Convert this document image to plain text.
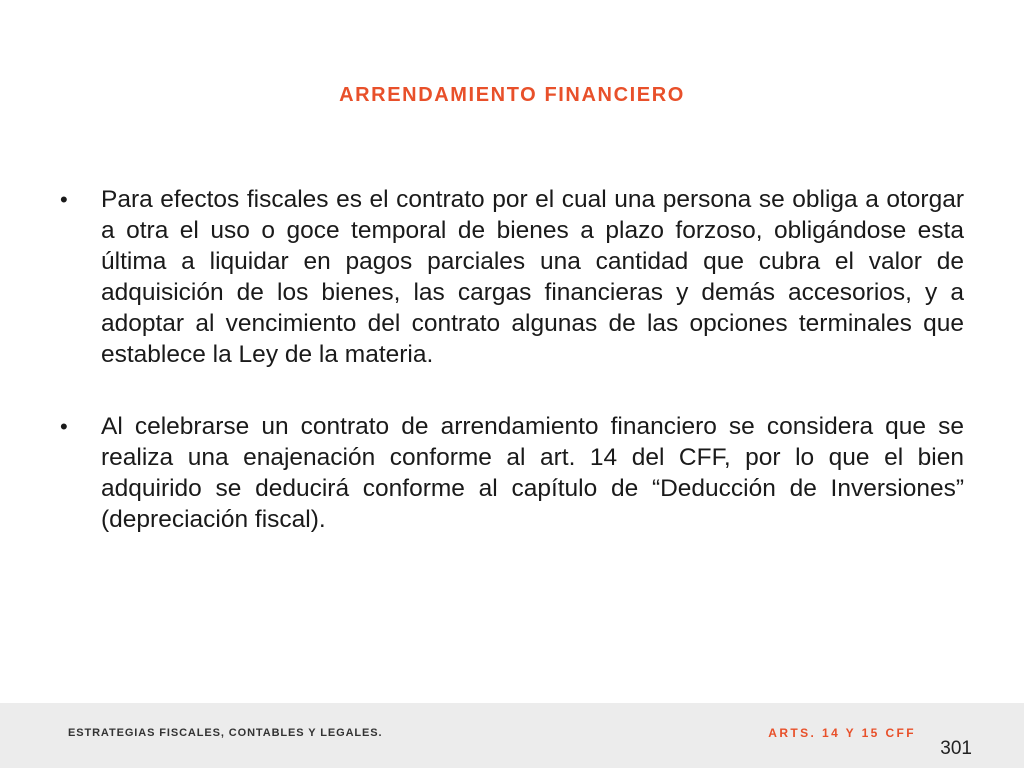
ARRENDAMIENTO FINANCIERO
• Para efectos fiscales es el contrato por el cual una persona se obliga a otorgar a otra el uso o goce temporal de bienes a plazo forzoso, obligándose esta última a liquidar en pagos parciales una cantidad que cubra el valor de adquisición de los bienes, las cargas financieras y demás accesorios, y a adoptar al vencimiento del contrato algunas de las opciones terminales que establece la Ley de la materia.
• Al celebrarse un contrato de arrendamiento financiero se considera que se realiza una enajenación conforme al art. 14 del CFF, por lo que el bien adquirido se deducirá conforme al capítulo de “Deducción de Inversiones” (depreciación fiscal).
ESTRATEGIAS FISCALES, CONTABLES Y LEGALES.	ARTS. 14 Y 15 CFF
301
